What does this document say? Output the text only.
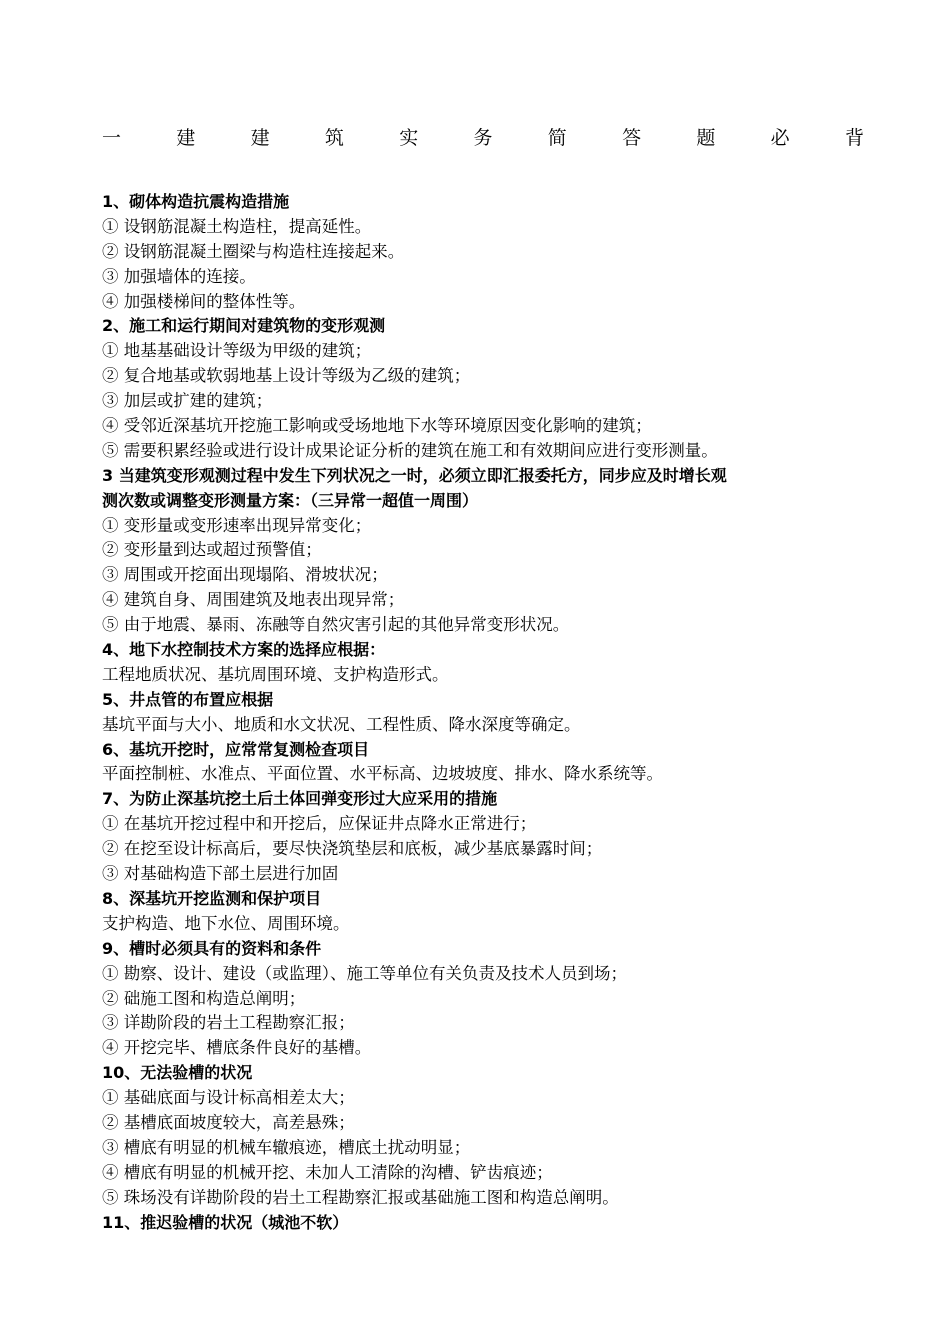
一	建	建	筑	实	务	简	答	题	必	背
1、砌体构造抗震构造措施
① 设钢筋混凝土构造柱，提高延性。
② 设钢筋混凝土圈梁与构造柱连接起来。
③ 加强墙体的连接。
④ 加强楼梯间的整体性等。
2、施工和运行期间对建筑物的变形观测
① 地基基础设计等级为甲级的建筑；
② 复合地基或软弱地基上设计等级为乙级的建筑；
③ 加层或扩建的建筑；
④ 受邻近深基坑开挖施工影响或受场地地下水等环境原因变化影响的建筑；
⑤ 需要积累经验或进行设计成果论证分析的建筑在施工和有效期间应进行变形测量。
3 当建筑变形观测过程中发生下列状况之一时，必须立即汇报委托方，同步应及时增长观
测次数或调整变形测量方案：（三异常一超值一周围）
① 变形量或变形速率出现异常变化；
② 变形量到达或超过预警值；
③ 周围或开挖面出现塌陷、滑坡状况；
④ 建筑自身、周围建筑及地表出现异常；
⑤ 由于地震、暴雨、冻融等自然灾害引起的其他异常变形状况。
4、地下水控制技术方案的选择应根据：
工程地质状况、基坑周围环境、支护构造形式。
5、井点管的布置应根据
基坑平面与大小、地质和水文状况、工程性质、降水深度等确定。
6、基坑开挖时，应常常复测检查项目
平面控制桩、水准点、平面位置、水平标高、边坡坡度、排水、降水系统等。
7、为防止深基坑挖土后土体回弹变形过大应采用的措施
① 在基坑开挖过程中和开挖后，应保证井点降水正常进行；
② 在挖至设计标高后，要尽快浇筑垫层和底板，减少基底暴露时间；
③ 对基础构造下部土层进行加固
8、深基坑开挖监测和保护项目
支护构造、地下水位、周围环境。
9、槽时必须具有的资料和条件
① 勘察、设计、建设（或监理）、施工等单位有关负责及技术人员到场；
② 础施工图和构造总阐明；
③ 详勘阶段的岩土工程勘察汇报；
④ 开挖完毕、槽底条件良好的基槽。
10、无法验槽的状况
① 基础底面与设计标高相差太大；
② 基槽底面坡度较大，高差悬殊；
③ 槽底有明显的机械车辙痕迹，槽底土扰动明显；
④ 槽底有明显的机械开挖、未加人工清除的沟槽、铲齿痕迹；
⑤ 珠场没有详勘阶段的岩土工程勘察汇报或基础施工图和构造总阐明。
11、推迟验槽的状况（城池不软）
